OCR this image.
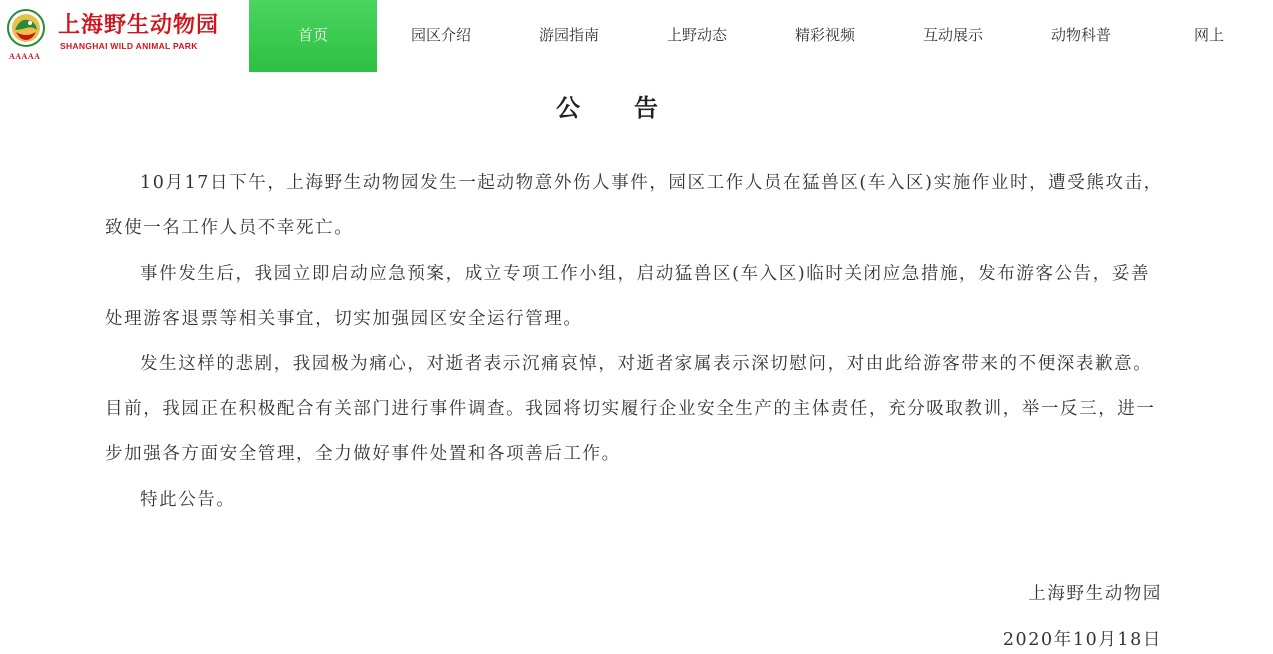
AAAAA
上海野生动物园
SHANGHAI WILD ANIMAL PARK
首页	园区介绍	游园指南	上野动态	精彩视频	互动展示	动物科普	网上
公告

10月17日下午，上海野生动物园发生一起动物意外伤人事件，园区工作人员在猛兽区(车入区)实施作业时，遭受熊攻击，致使一名工作人员不幸死亡。

事件发生后，我园立即启动应急预案，成立专项工作小组，启动猛兽区(车入区)临时关闭应急措施，发布游客公告，妥善处理游客退票等相关事宜，切实加强园区安全运行管理。

发生这样的悲剧，我园极为痛心，对逝者表示沉痛哀悼，对逝者家属表示深切慰问，对由此给游客带来的不便深表歉意。目前，我园正在积极配合有关部门进行事件调查。我园将切实履行企业安全生产的主体责任，充分吸取教训，举一反三，进一步加强各方面安全管理，全力做好事件处置和各项善后工作。

特此公告。

上海野生动物园
2020年10月18日
